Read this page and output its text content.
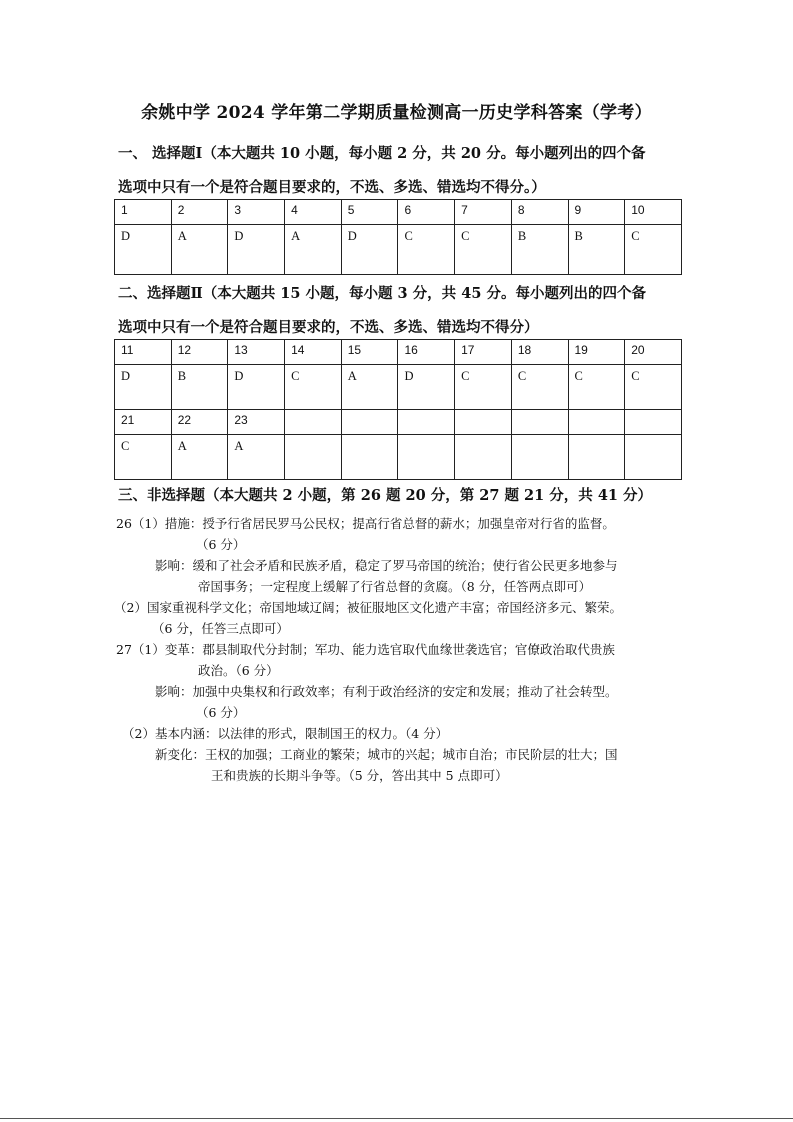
余姚中学 2024 学年第二学期质量检测高一历史学科答案（学考）
一、 选择题Ⅰ（本大题共 10 小题，每小题 2 分，共 20 分。每小题列出的四个备
选项中只有一个是符合题目要求的，不选、多选、错选均不得分。）
1	2	3	4	5	6	7	8	9	10
D	A	D	A	D	C	C	B	B	C
二、选择题Ⅱ（本大题共 15 小题，每小题 3 分，共 45 分。每小题列出的四个备
选项中只有一个是符合题目要求的，不选、多选、错选均不得分）
11	12	13	14	15	16	17	18	19	20
D	B	D	C	A	D	C	C	C	C
21	22	23							
C	A	A							
三、非选择题（本大题共 2 小题，第 26 题 20 分，第 27 题 21 分，共 41 分）
26（1）措施：授予行省居民罗马公民权；提高行省总督的薪水；加强皇帝对行省的监督。
（6 分）
影响：缓和了社会矛盾和民族矛盾，稳定了罗马帝国的统治；使行省公民更多地参与
帝国事务；一定程度上缓解了行省总督的贪腐。（8 分，任答两点即可）
（2）国家重视科学文化；帝国地域辽阔；被征服地区文化遗产丰富；帝国经济多元、繁荣。
（6 分，任答三点即可）
27（1）变革：郡县制取代分封制；军功、能力选官取代血缘世袭选官；官僚政治取代贵族
政治。（6 分）
影响：加强中央集权和行政效率；有利于政治经济的安定和发展；推动了社会转型。
（6 分）
（2）基本内涵：以法律的形式，限制国王的权力。（4 分）
新变化：王权的加强；工商业的繁荣；城市的兴起；城市自治；市民阶层的壮大；国
王和贵族的长期斗争等。（5 分，答出其中 5 点即可）
